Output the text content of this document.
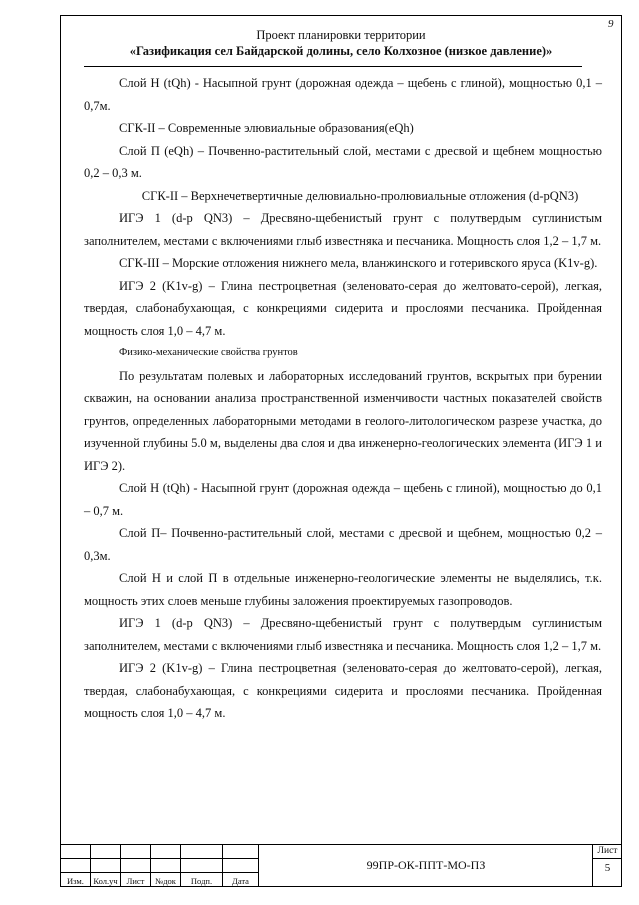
9
Проект планировки территории
«Газификация сел Байдарской долины, село Колхозное (низкое давление)»

Слой Н (tQh) - Насыпной грунт (дорожная одежда – щебень с глиной), мощностью 0,1 – 0,7м.

СГК-II – Современные элювиальные образования(eQh)

Слой П (eQh) – Почвенно-растительный слой, местами с дресвой и щебнем мощностью 0,2 – 0,3 м.

СГК-II – Верхнечетвертичные делювиально-пролювиальные отложения (d-pQN3)

ИГЭ 1 (d-p QN3) – Дресвяно-щебенистый грунт с полутвердым суглинистым заполнителем, местами с включениями глыб известняка и песчаника. Мощность слоя 1,2 – 1,7 м.

СГК-III – Морские отложения нижнего мела, вланжинского и готеривского яруса (K1v-g).

ИГЭ 2 (K1v-g) – Глина пестроцветная (зеленовато-серая до желтовато-серой), легкая, твердая, слабонабухающая, с конкрециями сидерита и прослоями песчаника. Пройденная мощность слоя 1,0 – 4,7 м.

Физико-механические свойства грунтов

По результатам полевых и лабораторных исследований грунтов, вскрытых при бурении скважин, на основании анализа пространственной изменчивости частных показателей свойств грунтов, определенных лабораторными методами в геолого-литологическом разрезе участка, до изученной глубины 5.0 м, выделены два слоя и два инженерно-геологических элемента (ИГЭ 1 и ИГЭ 2).

Слой Н (tQh) - Насыпной грунт (дорожная одежда – щебень с глиной), мощностью до 0,1 – 0,7 м.

Слой П– Почвенно-растительный слой, местами с дресвой и щебнем, мощностью 0,2 – 0,3м.

Слой Н и слой П в отдельные инженерно-геологические элементы не выделялись, т.к. мощность этих слоев меньше глубины заложения проектируемых газопроводов.

ИГЭ 1 (d-p QN3) – Дресвяно-щебенистый грунт с полутвердым суглинистым заполнителем, местами с включениями глыб известняка и песчаника. Мощность слоя 1,2 – 1,7 м.

ИГЭ 2 (K1v-g) – Глина пестроцветная (зеленовато-серая до желтовато-серой), легкая, твердая, слабонабухающая, с конкрециями сидерита и прослоями песчаника. Пройденная мощность слоя 1,0 – 4,7 м.

Изм.	Кол.уч	Лист	№док	Подп.	Дата
99ПР-ОК-ППТ-МО-ПЗ
Лист
5
